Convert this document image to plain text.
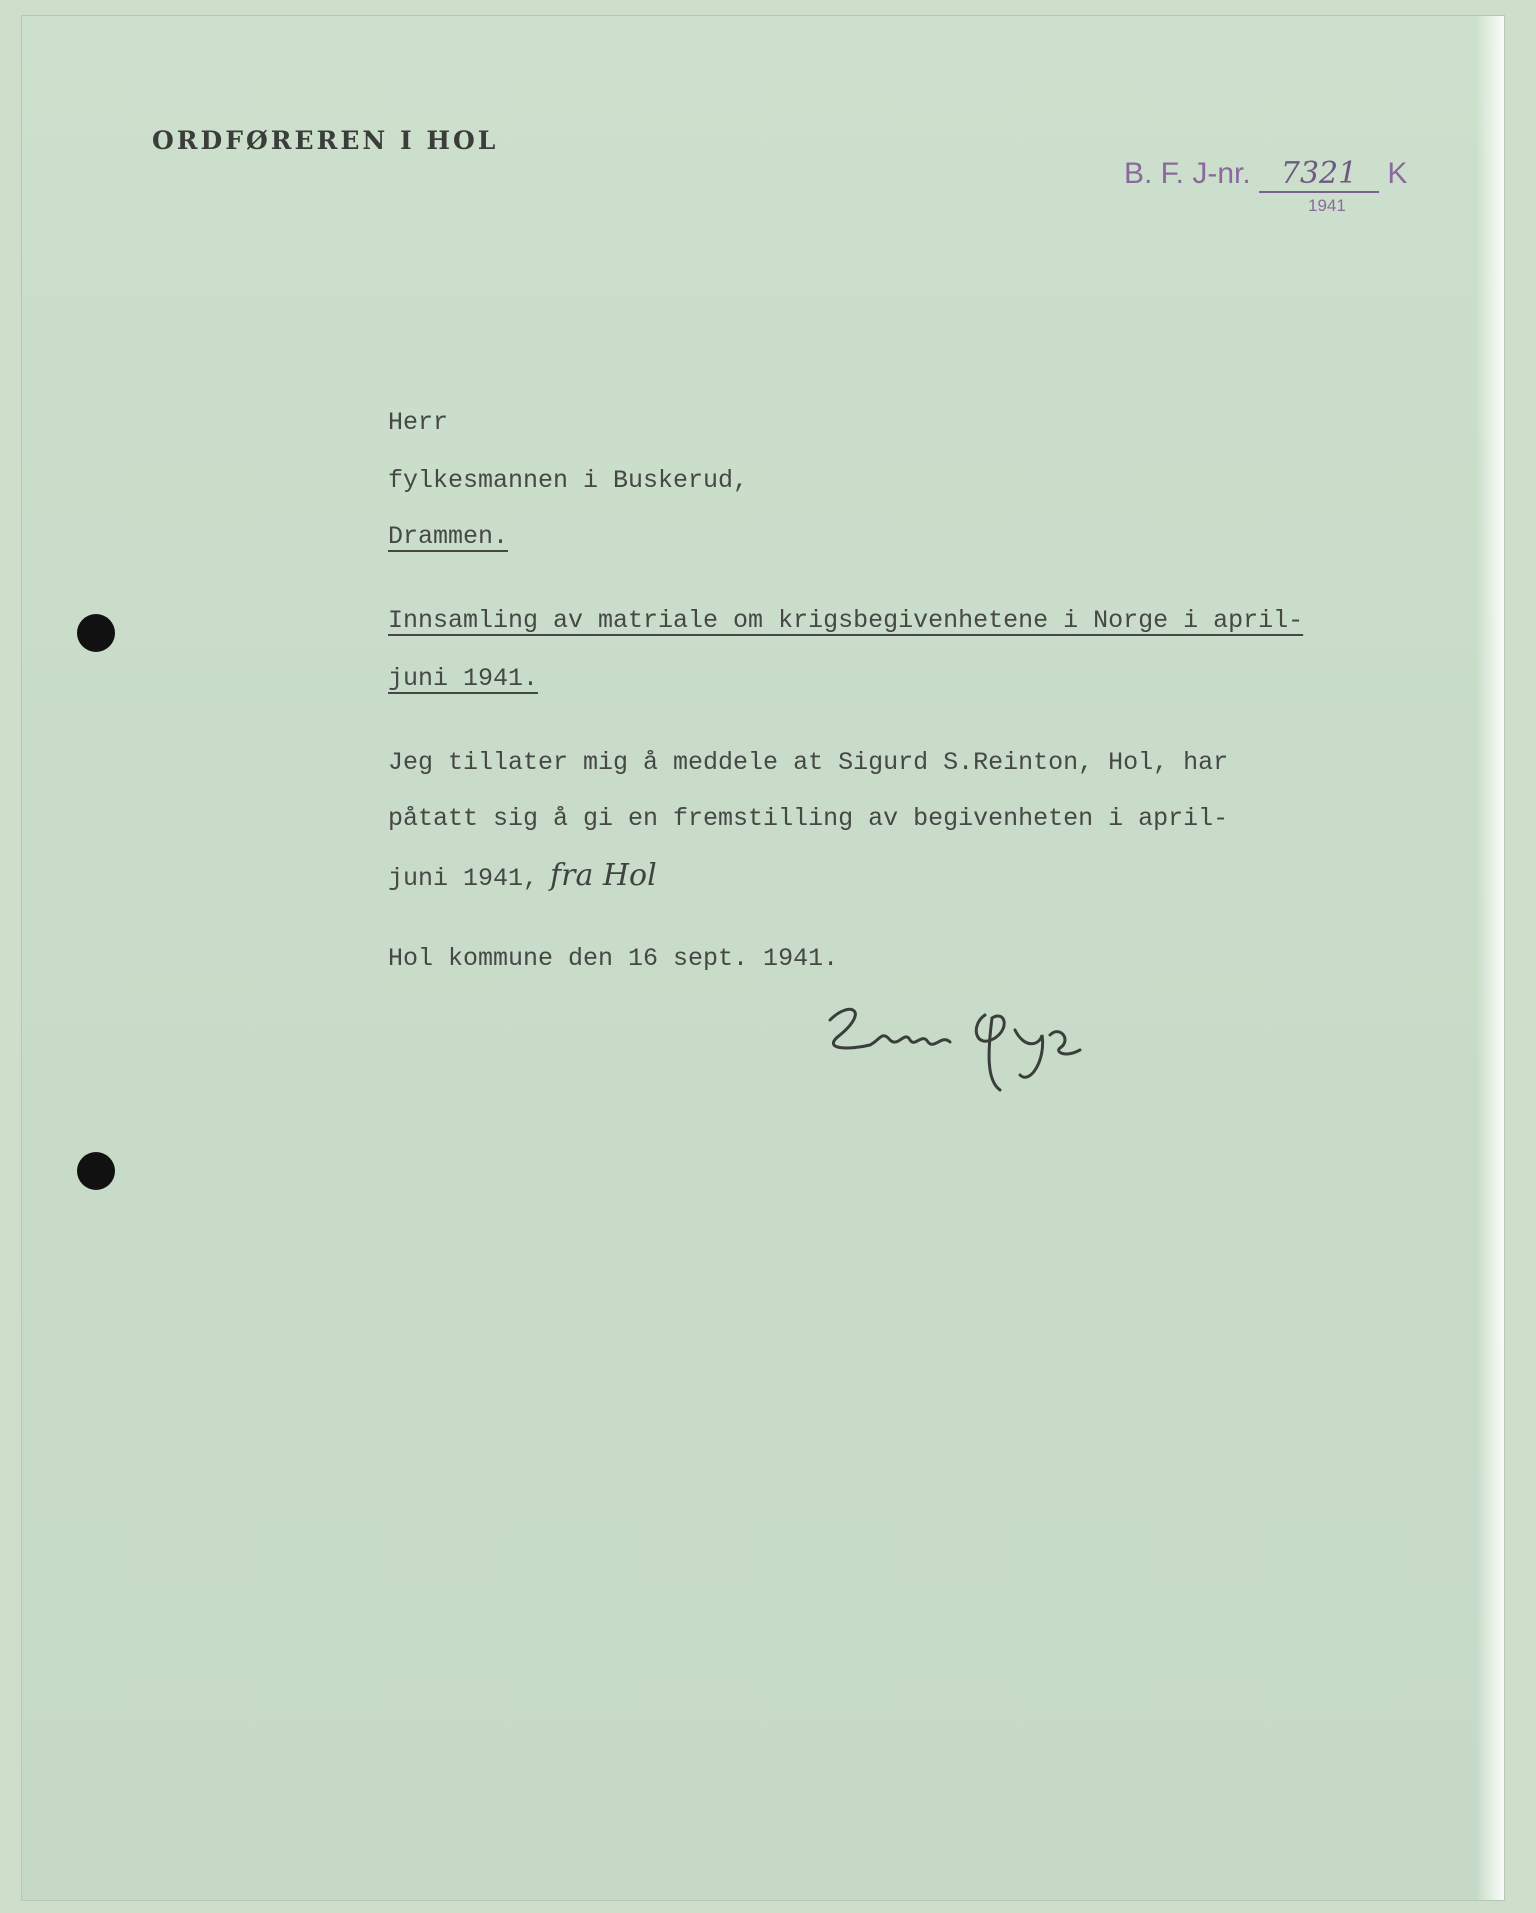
ORDFØREREN I HOL
B. F. J-nr. 7321 K
1941
Herr
fylkesmannen i Buskerud,
Drammen.
Innsamling av matriale om krigsbegivenhetene i Norge i april-
juni 1941.
Jeg tillater mig å meddele at Sigurd S.Reinton, Hol, har
påtatt sig å gi en fremstilling av begivenheten i april-
juni 1941, fra Hol
Hol kommune den 16 sept. 1941.
